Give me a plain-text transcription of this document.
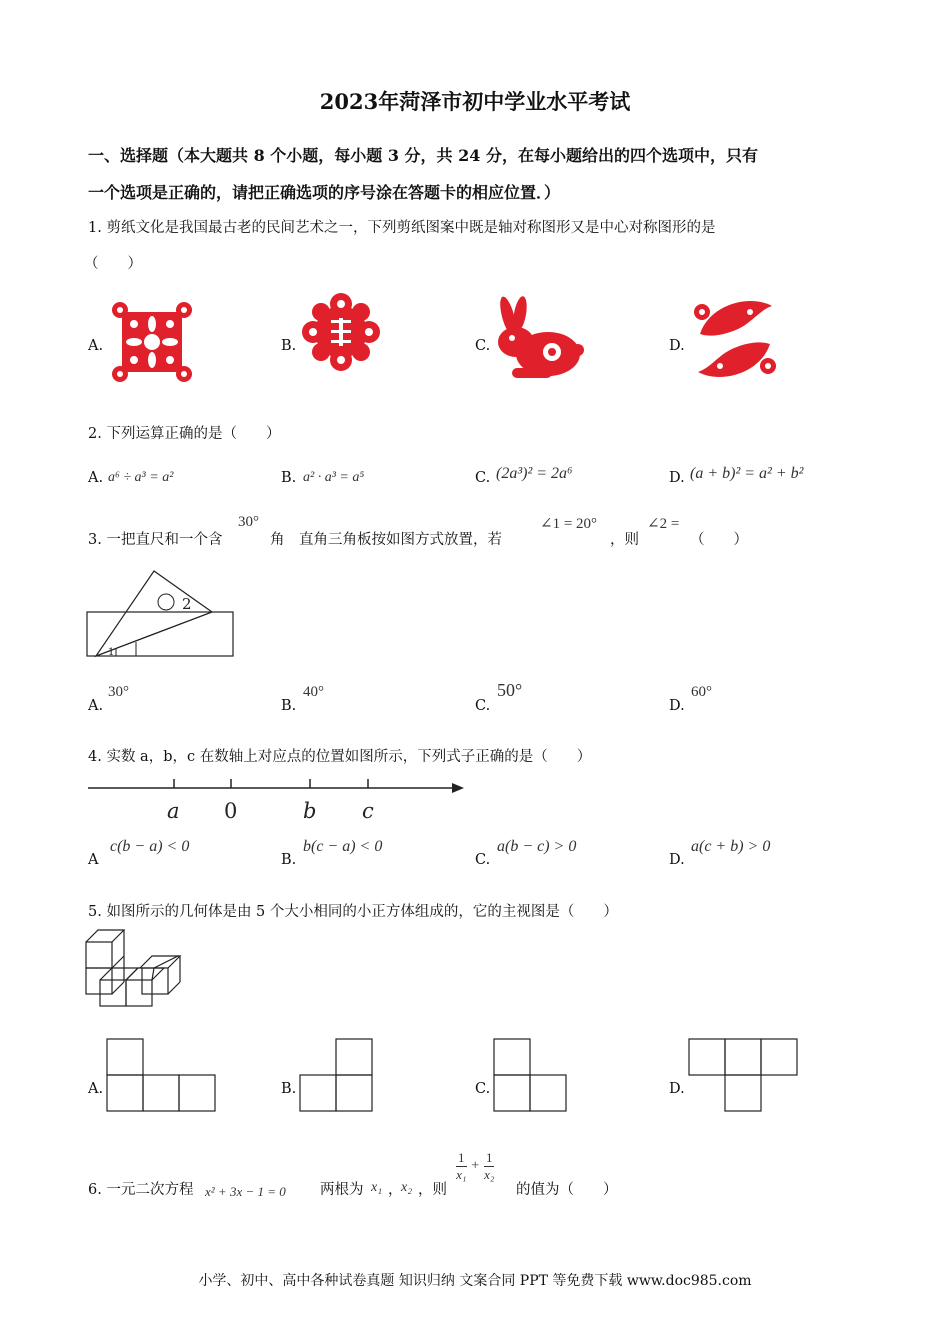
2023年菏泽市初中学业水平考试
一、选择题（本大题共 8 个小题，每小题 3 分，共 24 分，在每小题给出的四个选项中，只有
一个选项是正确的，请把正确选项的序号涂在答题卡的相应位置．）
1. 剪纸文化是我国最古老的民间艺术之一，下列剪纸图案中既是轴对称图形又是中心对称图形的是
（　　）
A.	B.	C.	D.
2. 下列运算正确的是（　　）
A. a⁶ ÷ a³ = a²	B. a² · a³ = a⁵	C. (2a³)² = 2a⁶	D. (a + b)² = a² + b²
3. 一把直尺和一个含
30°
角　直角三角板按如图方式放置，若
∠1 = 20°
，则
∠2 =
（　　）
1
2
A.
30°
B.
40°
C.
50°
D.
60°
4. 实数 a，b，c 在数轴上对应点的位置如图所示，下列式子正确的是（　　）
a 0	b c
A
c(b − a) < 0
B.
b(c − a) < 0
C.
a(b − c) > 0
D.
a(c + b) > 0
5. 如图所示的几何体是由 5 个大小相同的小正方体组成的，它的主视图是（　　）
A.	B.	C.	D.
6. 一元二次方程 x² + 3x − 1 = 0 两根为 x₁ ，
x₂ ，则
$\frac{1}{\text{x₁}} + \frac{1}{\text{x₂}}$
的值为（　　）
小学、初中、高中各种试卷真题 知识归纳 文案合同 PPT 等免费下载 www.doc985.com
